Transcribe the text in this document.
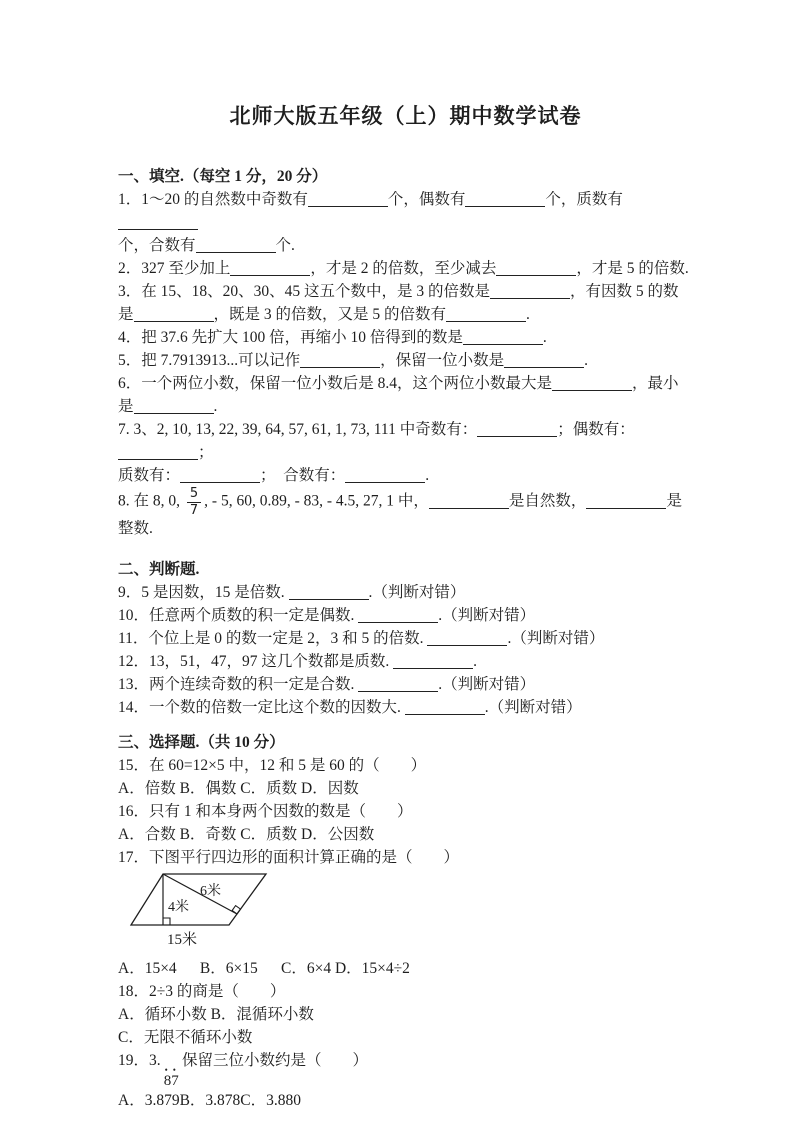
北师大版五年级（上）期中数学试卷

一、填空.（每空 1 分，20 分）

1．1～20 的自然数中奇数有	个，偶数有	个，质数有

个，合数有	个.

2．327 至少加上	，才是 2 的倍数，至少减去	，才是 5 的倍数.

3．在 15、18、20、30、45 这五个数中，是 3 的倍数是	，有因数 5 的数

是	，既是 3 的倍数，又是 5 的倍数有	.

4．把 37.6 先扩大 100 倍，再缩小 10 倍得到的数是	.

5．把 7.7913913...可以记作	，保留一位小数是	.

6．一个两位小数，保留一位小数后是 8.4，这个两位小数最大是	，最小

是	.

7. 3、2, 10, 13, 22, 39, 64, 57, 61, 1, 73, 111 中奇数有：	；偶数有：；

质数有：	；  合数有：	.

8. 在 8, 0, $\frac{5}{7}$ , - 5, 60, 0.89, - 83, - 4.5, 27, 1 中，	是自然数，	是

整数.

二、判断题.

9．5 是因数，15 是倍数.	.（判断对错）

10．任意两个质数的积一定是偶数.	.（判断对错）

11．个位上是 0 的数一定是 2，3 和 5 的倍数.	.（判断对错）

12．13，51，47，97 这几个数都是质数.	.

13．两个连续奇数的积一定是合数.	.（判断对错）

14．一个数的倍数一定比这个数的因数大.	.（判断对错）

三、选择题.（共 10 分）

15．在 60=12×5 中，12 和 5 是 60 的（　　）

A．倍数 B．偶数 C．质数 D．因数

16．只有 1 和本身两个因数的数是（　　）

A．合数 B．奇数 C．质数 D．公因数

17．下图平行四边形的面积计算正确的是（　　）

6米
4米
15米

A．15×4      B．6×15      C．6×4 D．15×4÷2

18．2÷3 的商是（　　）

A．循环小数 B．混循环小数

C．无限不循环小数

19．3.
••
87
保留三位小数约是（　　）

A．3.879B．3.878C．3.880
